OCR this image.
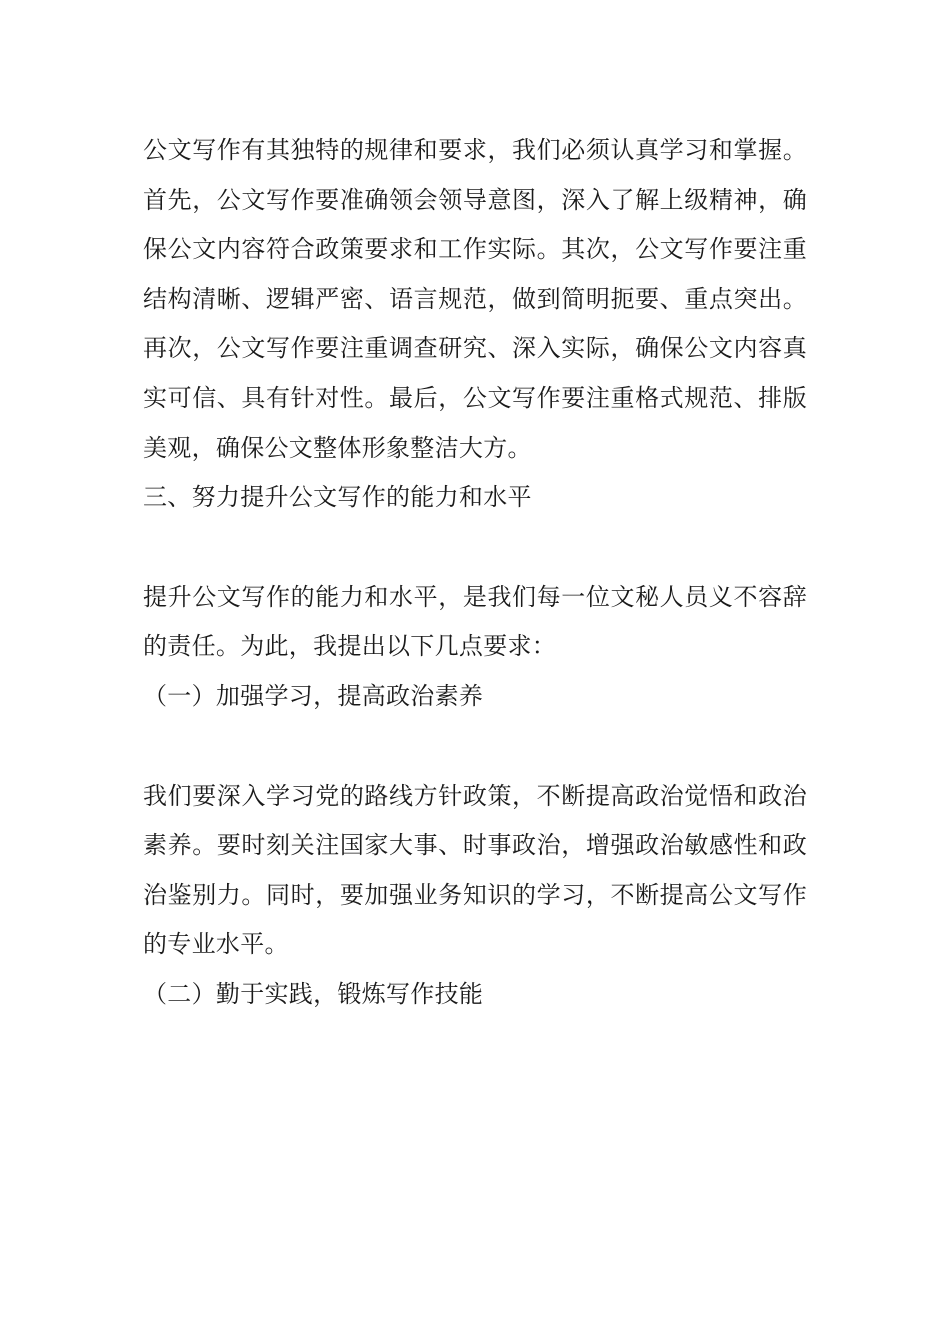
公文写作有其独特的规律和要求，我们必须认真学习和掌握。首先，公文写作要准确领会领导意图，深入了解上级精神，确保公文内容符合政策要求和工作实际。其次，公文写作要注重结构清晰、逻辑严密、语言规范，做到简明扼要、重点突出。再次，公文写作要注重调查研究、深入实际，确保公文内容真实可信、具有针对性。最后，公文写作要注重格式规范、排版美观，确保公文整体形象整洁大方。

三、努力提升公文写作的能力和水平

提升公文写作的能力和水平，是我们每一位文秘人员义不容辞的责任。为此，我提出以下几点要求：

（一）加强学习，提高政治素养

我们要深入学习党的路线方针政策，不断提高政治觉悟和政治素养。要时刻关注国家大事、时事政治，增强政治敏感性和政治鉴别力。同时，要加强业务知识的学习，不断提高公文写作的专业水平。

（二）勤于实践，锻炼写作技能
